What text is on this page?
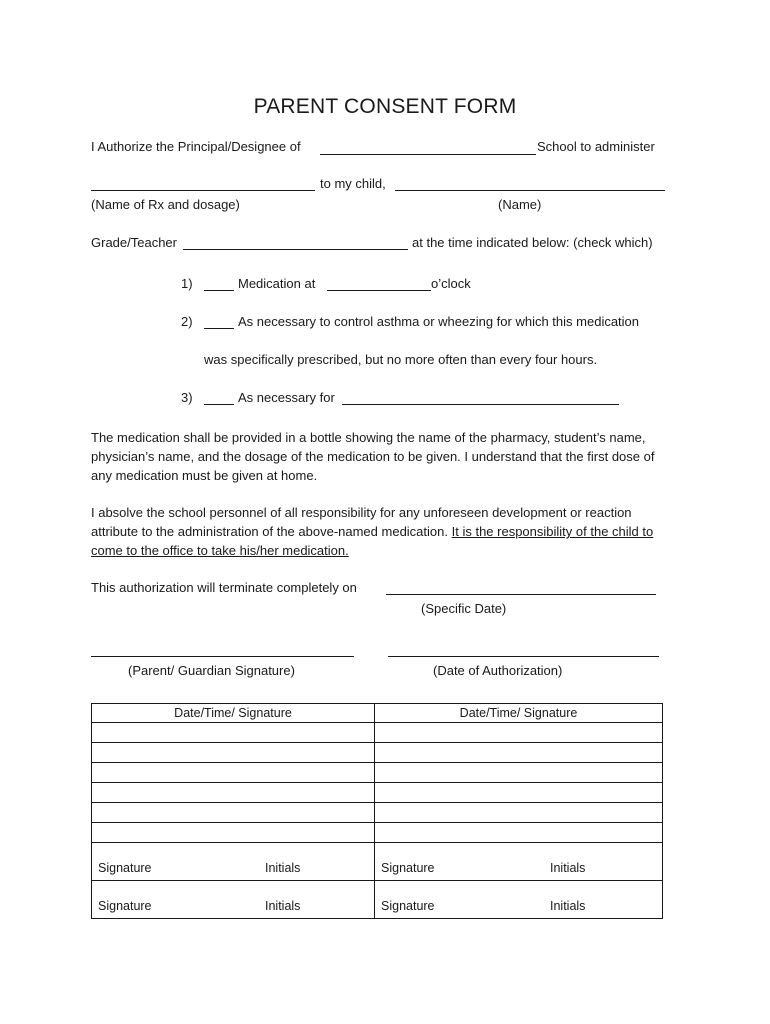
PARENT CONSENT FORM
I Authorize the Principal/Designee of	School to administer
to my child,
(Name of Rx and dosage)	(Name)
Grade/Teacher	at the time indicated below: (check which)
1)	Medication at	o’clock
2)	As necessary to control asthma or wheezing for which this medication
was specifically prescribed, but no more often than every four hours.
3)	As necessary for
The medication shall be provided in a bottle showing the name of the pharmacy, student’s name, physician’s name, and the dosage of the medication to be given. I understand that the first dose of any medication must be given at home.
I absolve the school personnel of all responsibility for any unforeseen development or reaction attribute to the administration of the above-named medication. It is the responsibility of the child to come to the office to take his/her medication.
This authorization will terminate completely on
(Specific Date)
(Parent/ Guardian Signature)	(Date of Authorization)
Date/Time/ Signature	Date/Time/ Signature

Signature Initials	Signature Initials

Signature Initials	Signature Initials
